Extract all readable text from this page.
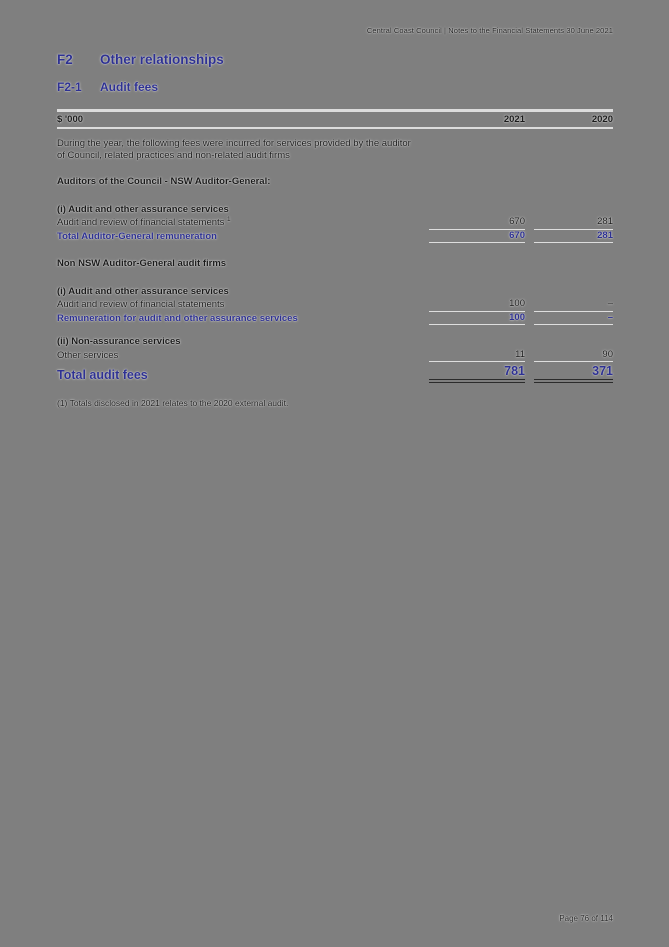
Central Coast Council | Notes to the Financial Statements 30 June 2021
F2 Other relationships
F2-1 Audit fees
$ '000	2021	2020
During the year, the following fees were incurred for services provided by the auditor
of Council, related practices and non-related audit firms
Auditors of the Council - NSW Auditor-General:
(i) Audit and other assurance services
Audit and review of financial statements $^1$	670	281
Total Auditor-General remuneration	670	281
Non NSW Auditor-General audit firms
(i) Audit and other assurance services
Audit and review of financial statements	100	–
Remuneration for audit and other assurance services	100	–
(ii) Non-assurance services
Other services	11	90
Total audit fees	781	371
(1) Totals disclosed in 2021 relates to the 2020 external audit.
Page 76 of 114
